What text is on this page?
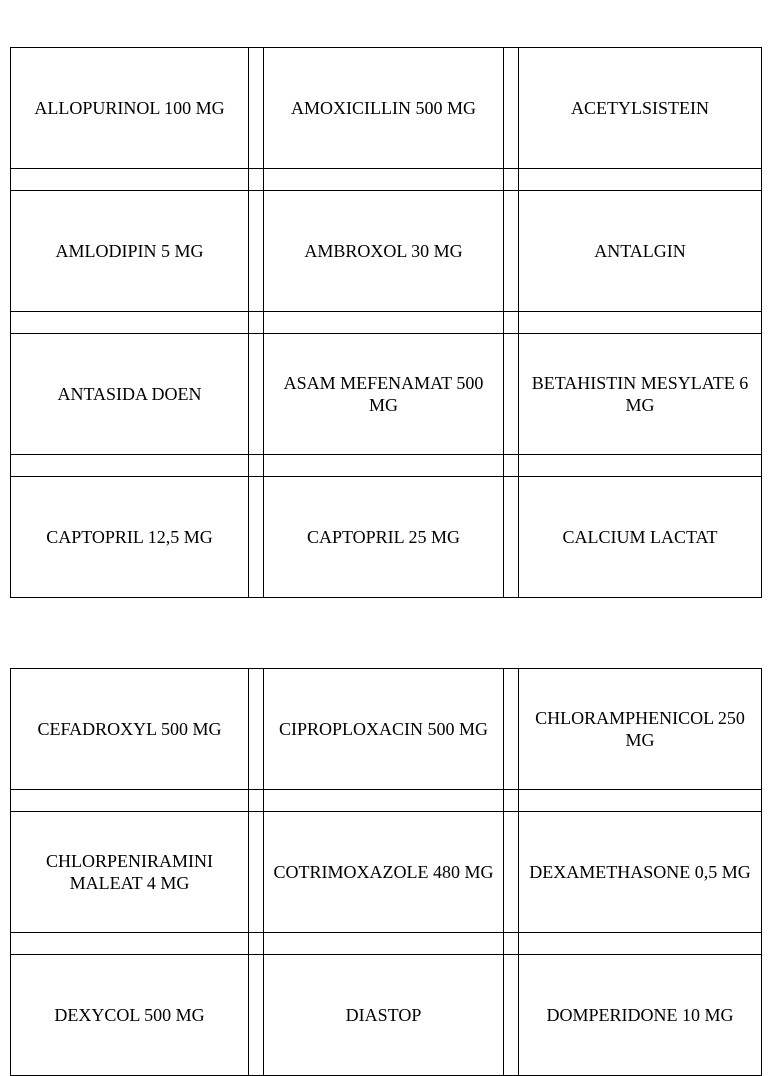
ALLOPURINOL 100 MG		AMOXICILLIN 500 MG		ACETYLSISTEIN

AMLODIPIN 5 MG		AMBROXOL 30 MG		ANTALGIN

ANTASIDA DOEN		ASAM MEFENAMAT 500 MG		BETAHISTIN MESYLATE 6 MG

CAPTOPRIL 12,5 MG		CAPTOPRIL 25 MG		CALCIUM LACTAT
CEFADROXYL 500 MG		CIPROPLOXACIN 500 MG		CHLORAMPHENICOL 250 MG

CHLORPENIRAMINI MALEAT 4 MG		COTRIMOXAZOLE 480 MG		DEXAMETHASONE 0,5 MG

DEXYCOL 500 MG		DIASTOP		DOMPERIDONE 10 MG
